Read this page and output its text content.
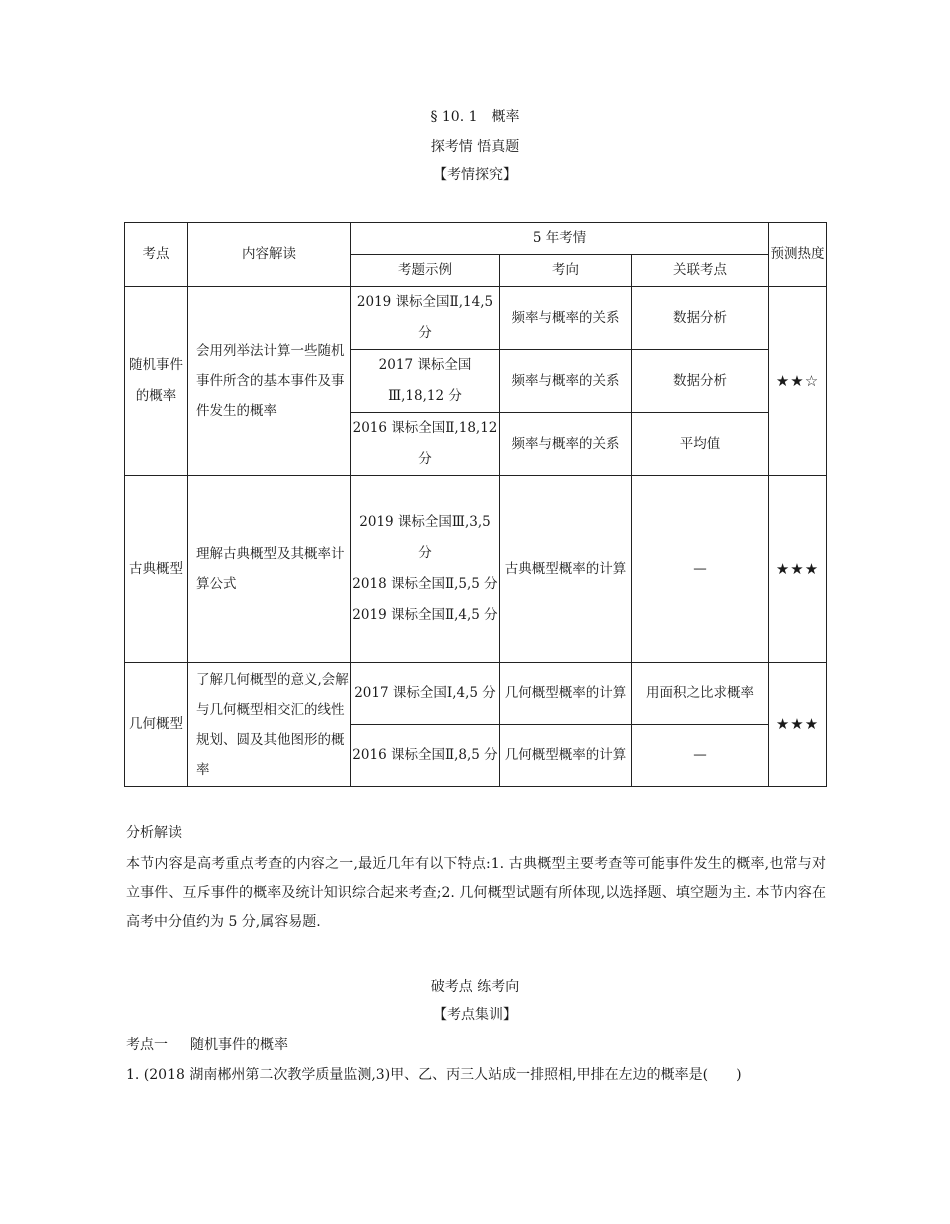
§ 10. 1　概率
探考情 悟真题
【考情探究】
考点	内容解读	5 年考情			预测热度
		考题示例	考向	关联考点	
随机事件的概率	会用列举法计算一些随机事件所含的基本事件及事件发生的概率	2019 课标全国Ⅱ,14,5 分	频率与概率的关系	数据分析	★★☆
		2017 课标全国Ⅲ,18,12 分	频率与概率的关系	数据分析	
		2016 课标全国Ⅱ,18,12 分	频率与概率的关系	平均值	
古典概型	理解古典概型及其概率计算公式	2019 课标全国Ⅲ,3,5 分
2018 课标全国Ⅱ,5,5 分
2019 课标全国Ⅱ,4,5 分	古典概型概率的计算	—	★★★
几何概型	了解几何概型的意义,会解与几何概型相交汇的线性规划、圆及其他图形的概率	2017 课标全国Ⅰ,4,5 分	几何概型概率的计算	用面积之比求概率	★★★
		2016 课标全国Ⅱ,8,5 分	几何概型概率的计算	—	
分析解读
本节内容是高考重点考查的内容之一,最近几年有以下特点:1. 古典概型主要考查等可能事件发生的概率,也常与对立事件、互斥事件的概率及统计知识综合起来考查;2. 几何概型试题有所体现,以选择题、填空题为主. 本节内容在高考中分值约为 5 分,属容易题.
破考点 练考向
【考点集训】
考点一 随机事件的概率
1. (2018 湖南郴州第二次教学质量监测,3)甲、乙、丙三人站成一排照相,甲排在左边的概率是(　　)
